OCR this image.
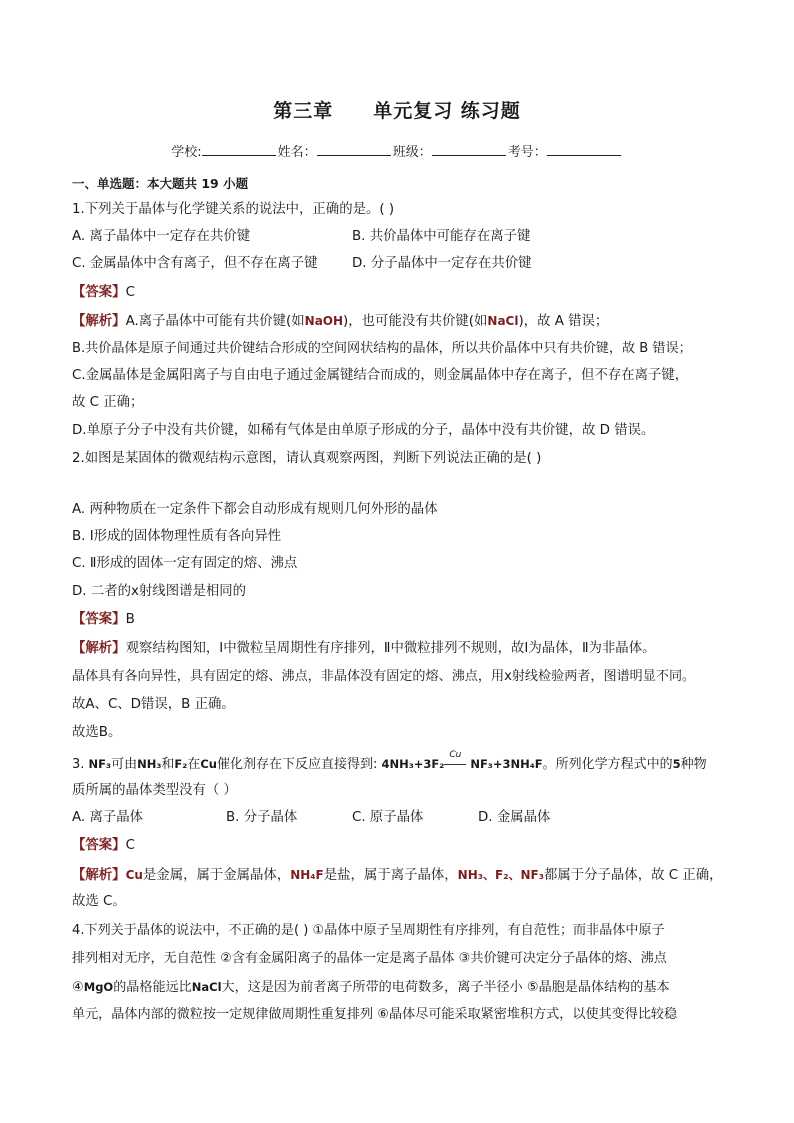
第三章　　单元复习 练习题
学校:	姓名：	班级：	考号：
一、单选题：本大题共 19 小题
1.下列关于晶体与化学键关系的说法中，正确的是。( )
A. 离子晶体中一定存在共价键	B. 共价晶体中可能存在离子键
C. 金属晶体中含有离子，但不存在离子键	D. 分子晶体中一定存在共价键
【答案】C
【解析】A.离子晶体中可能有共价键(如NaOH)，也可能没有共价键(如NaCl)，故 A 错误；
B.共价晶体是原子间通过共价键结合形成的空间网状结构的晶体，所以共价晶体中只有共价键，故 B 错误；
C.金属晶体是金属阳离子与自由电子通过金属键结合而成的，则金属晶体中存在离子，但不存在离子键，
故 C 正确；
D.单原子分子中没有共价键，如稀有气体是由单原子形成的分子，晶体中没有共价键，故 D 错误。
2.如图是某固体的微观结构示意图，请认真观察两图，判断下列说法正确的是( )
A. 两种物质在一定条件下都会自动形成有规则几何外形的晶体
B. Ⅰ形成的固体物理性质有各向异性
C. Ⅱ形成的固体一定有固定的熔、沸点
D. 二者的x射线图谱是相同的
【答案】B
【解析】观察结构图知，Ⅰ中微粒呈周期性有序排列，Ⅱ中微粒排列不规则，故Ⅰ为晶体，Ⅱ为非晶体。
晶体具有各向异性，具有固定的熔、沸点，非晶体没有固定的熔、沸点，用x射线检验两者，图谱明显不同。
故A、C、D错误，B 正确。
故选B。
3. NF₃可由NH₃和F₂在Cu催化剂存在下反应直接得到: 4NH₃+3F₂
Cu
NF₃+3NH₄F。所列化学方程式中的5种物
质所属的晶体类型没有（ ）
A. 离子晶体	B. 分子晶体	C. 原子晶体	D. 金属晶体
【答案】C
【解析】Cu是金属，属于金属晶体，NH₄F是盐，属于离子晶体，NH₃、F₂、NF₃都属于分子晶体，故 C 正确，
故选 C。
4.下列关于晶体的说法中，不正确的是( ) ①晶体中原子呈周期性有序排列，有自范性；而非晶体中原子
排列相对无序，无自范性 ②含有金属阳离子的晶体一定是离子晶体 ③共价键可决定分子晶体的熔、沸点
④MgO的晶格能远比NaCl大，这是因为前者离子所带的电荷数多，离子半径小 ⑤晶胞是晶体结构的基本
单元，晶体内部的微粒按一定规律做周期性重复排列 ⑥晶体尽可能采取紧密堆积方式，以使其变得比较稳
